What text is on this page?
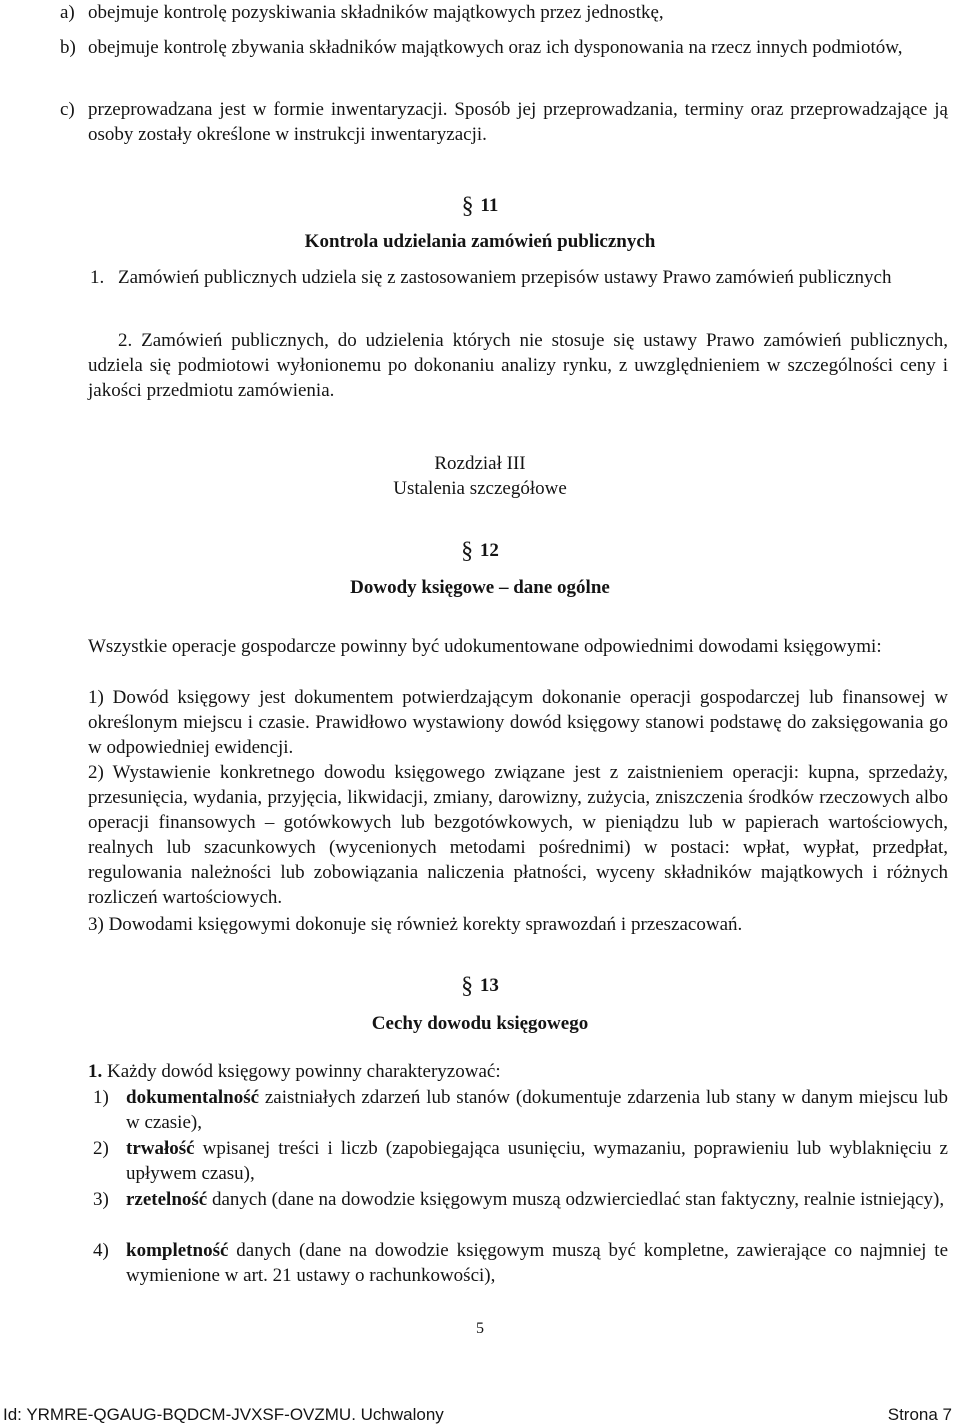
a) obejmuje kontrolę pozyskiwania składników majątkowych przez jednostkę,
b) obejmuje kontrolę zbywania składników majątkowych oraz ich dysponowania na rzecz innych podmiotów,
c) przeprowadzana jest w formie inwentaryzacji. Sposób jej przeprowadzania, terminy oraz przeprowadzające ją osoby zostały określone w instrukcji inwentaryzacji.
§ 11
Kontrola udzielania zamówień publicznych
1. Zamówień publicznych udziela się z zastosowaniem przepisów ustawy Prawo zamówień publicznych
2. Zamówień publicznych, do udzielenia których nie stosuje się ustawy Prawo zamówień publicznych, udziela się podmiotowi wyłonionemu po dokonaniu analizy rynku, z uwzględnieniem w szczególności ceny i jakości przedmiotu zamówienia.
Rozdział III
Ustalenia szczegółowe
§ 12
Dowody księgowe – dane ogólne
Wszystkie operacje gospodarcze powinny być udokumentowane odpowiednimi dowodami księgowymi:
1) Dowód księgowy jest dokumentem potwierdzającym dokonanie operacji gospodarczej lub finansowej w określonym miejscu i czasie. Prawidłowo wystawiony dowód księgowy stanowi podstawę do zaksięgowania go w odpowiedniej ewidencji.
2) Wystawienie konkretnego dowodu księgowego związane jest z zaistnieniem operacji: kupna, sprzedaży, przesunięcia, wydania, przyjęcia, likwidacji, zmiany, darowizny, zużycia, zniszczenia środków rzeczowych albo operacji finansowych – gotówkowych lub bezgotówkowych, w pieniądzu lub w papierach wartościowych, realnych lub szacunkowych (wycenionych metodami pośrednimi) w postaci: wpłat, wypłat, przedpłat, regulowania należności lub zobowiązania naliczenia płatności, wyceny składników majątkowych i różnych rozliczeń wartościowych.
3) Dowodami księgowymi dokonuje się również korekty sprawozdań i przeszacowań.
§ 13
Cechy dowodu księgowego
1. Każdy dowód księgowy powinny charakteryzować:
1) dokumentalność zaistniałych zdarzeń lub stanów (dokumentuje zdarzenia lub stany w danym miejscu lub w czasie),
2) trwałość wpisanej treści i liczb (zapobiegająca usunięciu, wymazaniu, poprawieniu lub wyblaknięciu z upływem czasu),
3) rzetelność danych (dane na dowodzie księgowym muszą odzwierciedlać stan faktyczny, realnie istniejący),
4) kompletność danych (dane na dowodzie księgowym muszą być kompletne, zawierające co najmniej te wymienione w art. 21 ustawy o rachunkowości),
5
Id: YRMRE-QGAUG-BQDCM-JVXSF-OVZMU. Uchwalony	Strona 7
